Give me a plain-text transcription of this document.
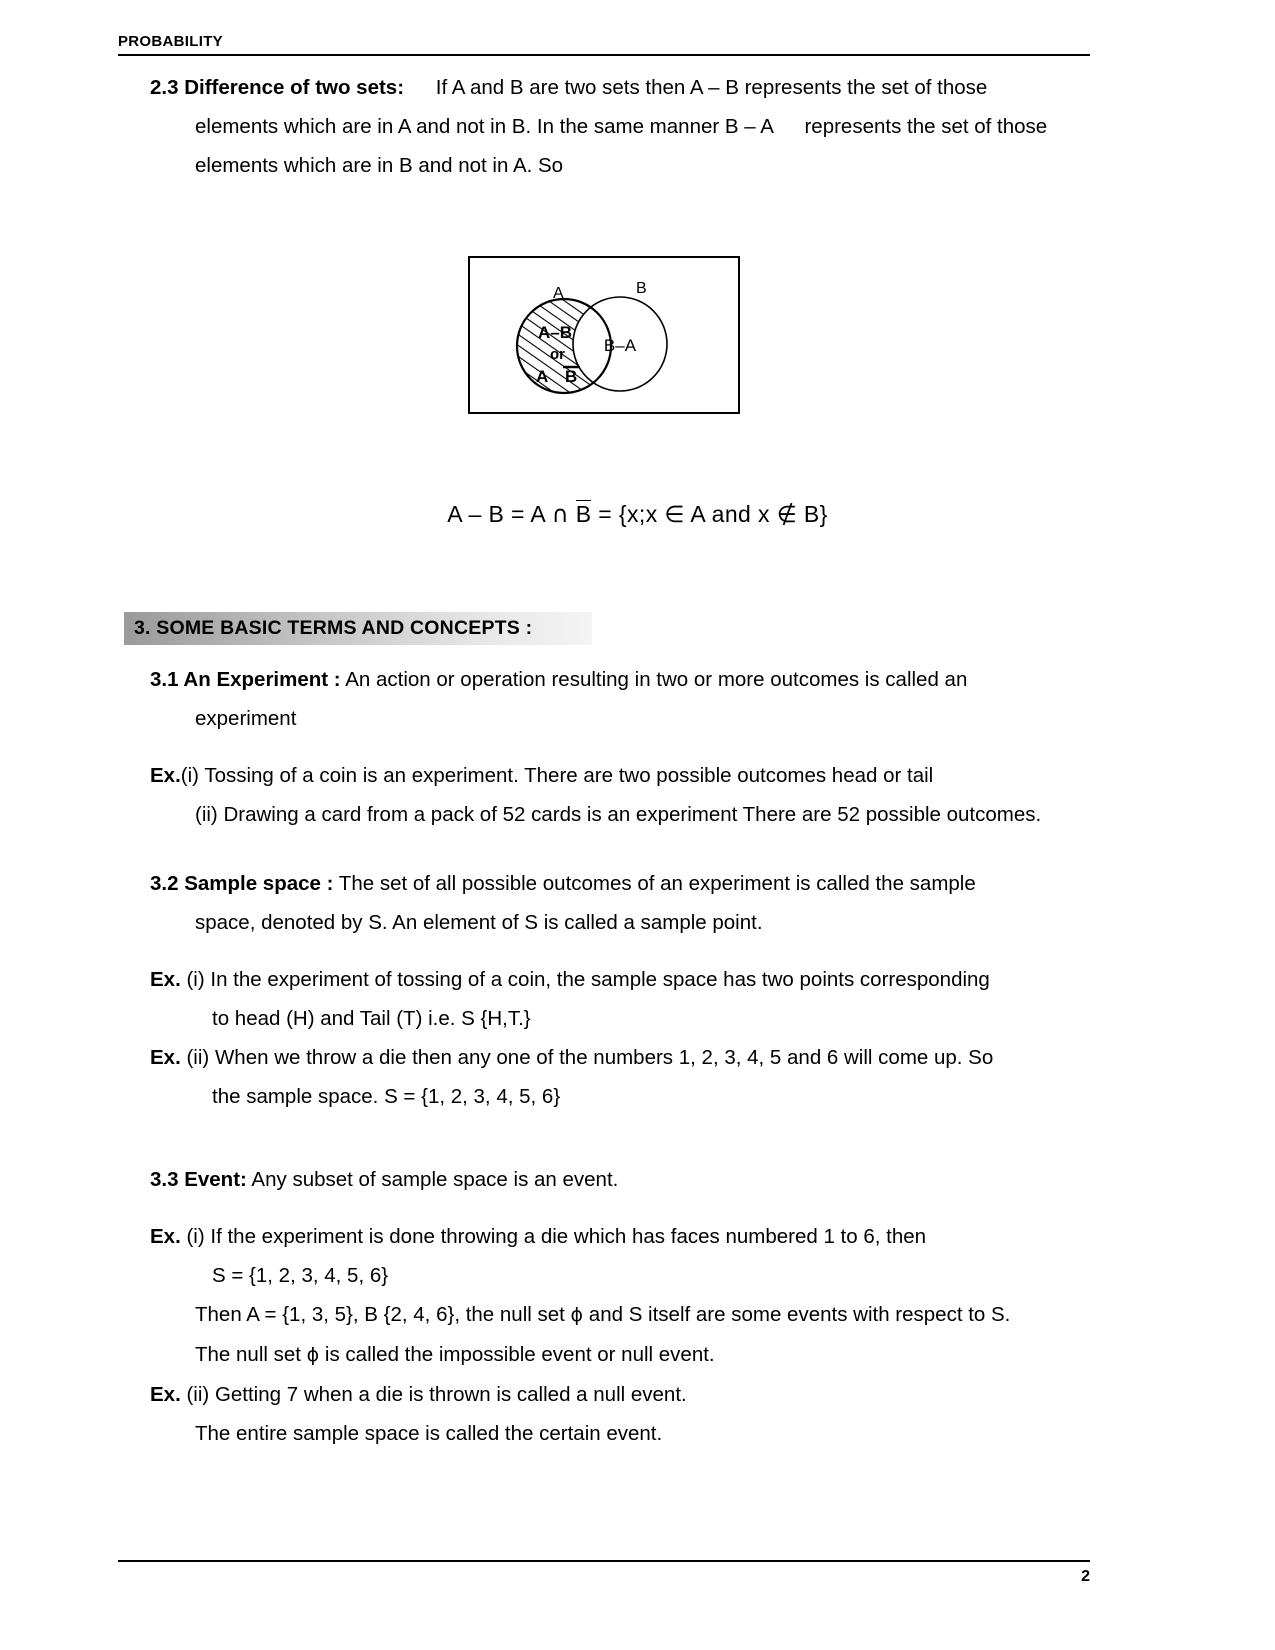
PROBABILITY
2.3 Difference of two sets: If A and B are two sets then A – B represents the set of those
elements which are in A and not in B. In the same manner B – A represents the set of those
elements which are in B and not in A. So
A	B
A–B
or
A B
B–A
A – B = A ∩ B = {x;x ∈ A and x ∉ B}
3. SOME BASIC TERMS AND CONCEPTS :
3.1 An Experiment : An action or operation resulting in two or more outcomes is called an
experiment
Ex.(i) Tossing of a coin is an experiment. There are two possible outcomes head or tail
(ii) Drawing a card from a pack of 52 cards is an experiment There are 52 possible outcomes.
3.2 Sample space : The set of all possible outcomes of an experiment is called the sample
space, denoted by S. An element of S is called a sample point.
Ex. (i) In the experiment of tossing of a coin, the sample space has two points corresponding
to head (H) and Tail (T) i.e. S {H,T.}
Ex. (ii) When we throw a die then any one of the numbers 1, 2, 3, 4, 5 and 6 will come up. So
the sample space. S = {1, 2, 3, 4, 5, 6}
3.3 Event: Any subset of sample space is an event.
Ex. (i) If the experiment is done throwing a die which has faces numbered 1 to 6, then
S = {1, 2, 3, 4, 5, 6}
Then A = {1, 3, 5}, B {2, 4, 6}, the null set ϕ and S itself are some events with respect to S.
The null set ϕ is called the impossible event or null event.
Ex. (ii) Getting 7 when a die is thrown is called a null event.
The entire sample space is called the certain event.
2
